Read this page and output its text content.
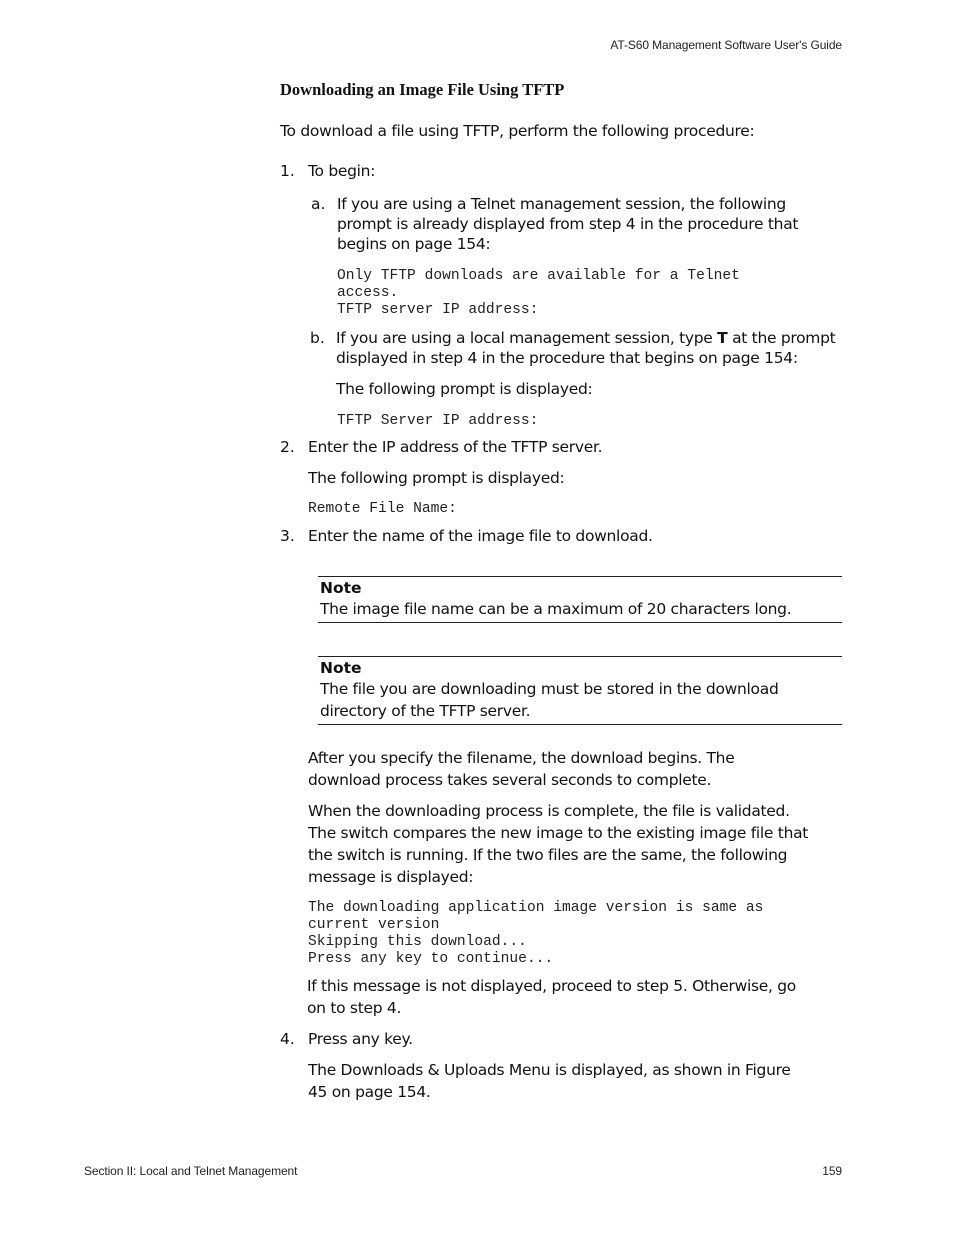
AT-S60 Management Software User's Guide
Downloading an Image File Using TFTP
To download a file using TFTP, perform the following procedure:
1. To begin:
a. If you are using a Telnet management session, the following
prompt is already displayed from step 4 in the procedure that
begins on page 154:
Only TFTP downloads are available for a Telnet
access.
TFTP server IP address:
b. If you are using a local management session, type T at the prompt
displayed in step 4 in the procedure that begins on page 154:
The following prompt is displayed:
TFTP Server IP address:
2. Enter the IP address of the TFTP server.
The following prompt is displayed:
Remote File Name:
3. Enter the name of the image file to download.
Note
The image file name can be a maximum of 20 characters long.
Note
The file you are downloading must be stored in the download
directory of the TFTP server.
After you specify the filename, the download begins. The
download process takes several seconds to complete.
When the downloading process is complete, the file is validated.
The switch compares the new image to the existing image file that
the switch is running. If the two files are the same, the following
message is displayed:
The downloading application image version is same as
current version
Skipping this download...
Press any key to continue...
If this message is not displayed, proceed to step 5. Otherwise, go
on to step 4.
4. Press any key.
The Downloads & Uploads Menu is displayed, as shown in Figure
45 on page 154.
Section II: Local and Telnet Management	159
